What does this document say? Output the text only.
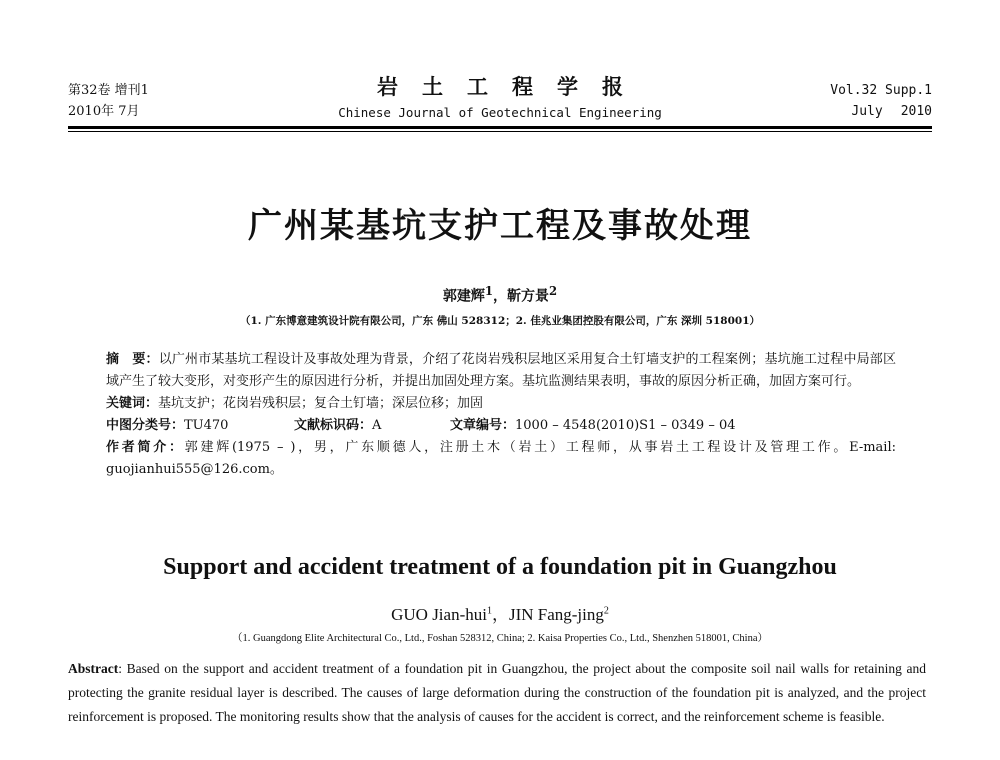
第32卷 增刊1
2010年 7月
岩土工程学报
Chinese Journal of Geotechnical Engineering
Vol.32 Supp.1
July 2010
广州某基坑支护工程及事故处理
郭建辉$^1$，靳方景$^2$
（1. 广东博意建筑设计院有限公司，广东 佛山 528312；2. 佳兆业集团控股有限公司，广东 深圳 518001）

摘　要：以广州市某基坑工程设计及事故处理为背景，介绍了花岗岩残积层地区采用复合土钉墙支护的工程案例；基坑施工过程中局部区域产生了较大变形，对变形产生的原因进行分析，并提出加固处理方案。基坑监测结果表明，事故的原因分析正确，加固方案可行。

关键词：基坑支护；花岗岩残积层；复合土钉墙；深层位移；加固

中图分类号：TU470	文献标识码：A	文章编号：1000 – 4548(2010)S1 – 0349 – 04

作者简介：郭建辉(1975 – )，男，广东顺德人，注册土木（岩土）工程师，从事岩土工程设计及管理工作。E-mail: guojianhui555@126.com。

Support and accident treatment of a foundation pit in Guangzhou
GUO Jian-hui$^1$，JIN Fang-jing$^2$
（1. Guangdong Elite Architectural Co., Ltd., Foshan 528312, China; 2. Kaisa Properties Co., Ltd., Shenzhen 518001, China）

Abstract: Based on the support and accident treatment of a foundation pit in Guangzhou, the project about the composite soil nail walls for retaining and protecting the granite residual layer is described. The causes of large deformation during the construction of the foundation pit is analyzed, and the project reinforcement is proposed. The monitoring results show that the analysis of causes for the accident is correct, and the reinforcement scheme is feasible.
